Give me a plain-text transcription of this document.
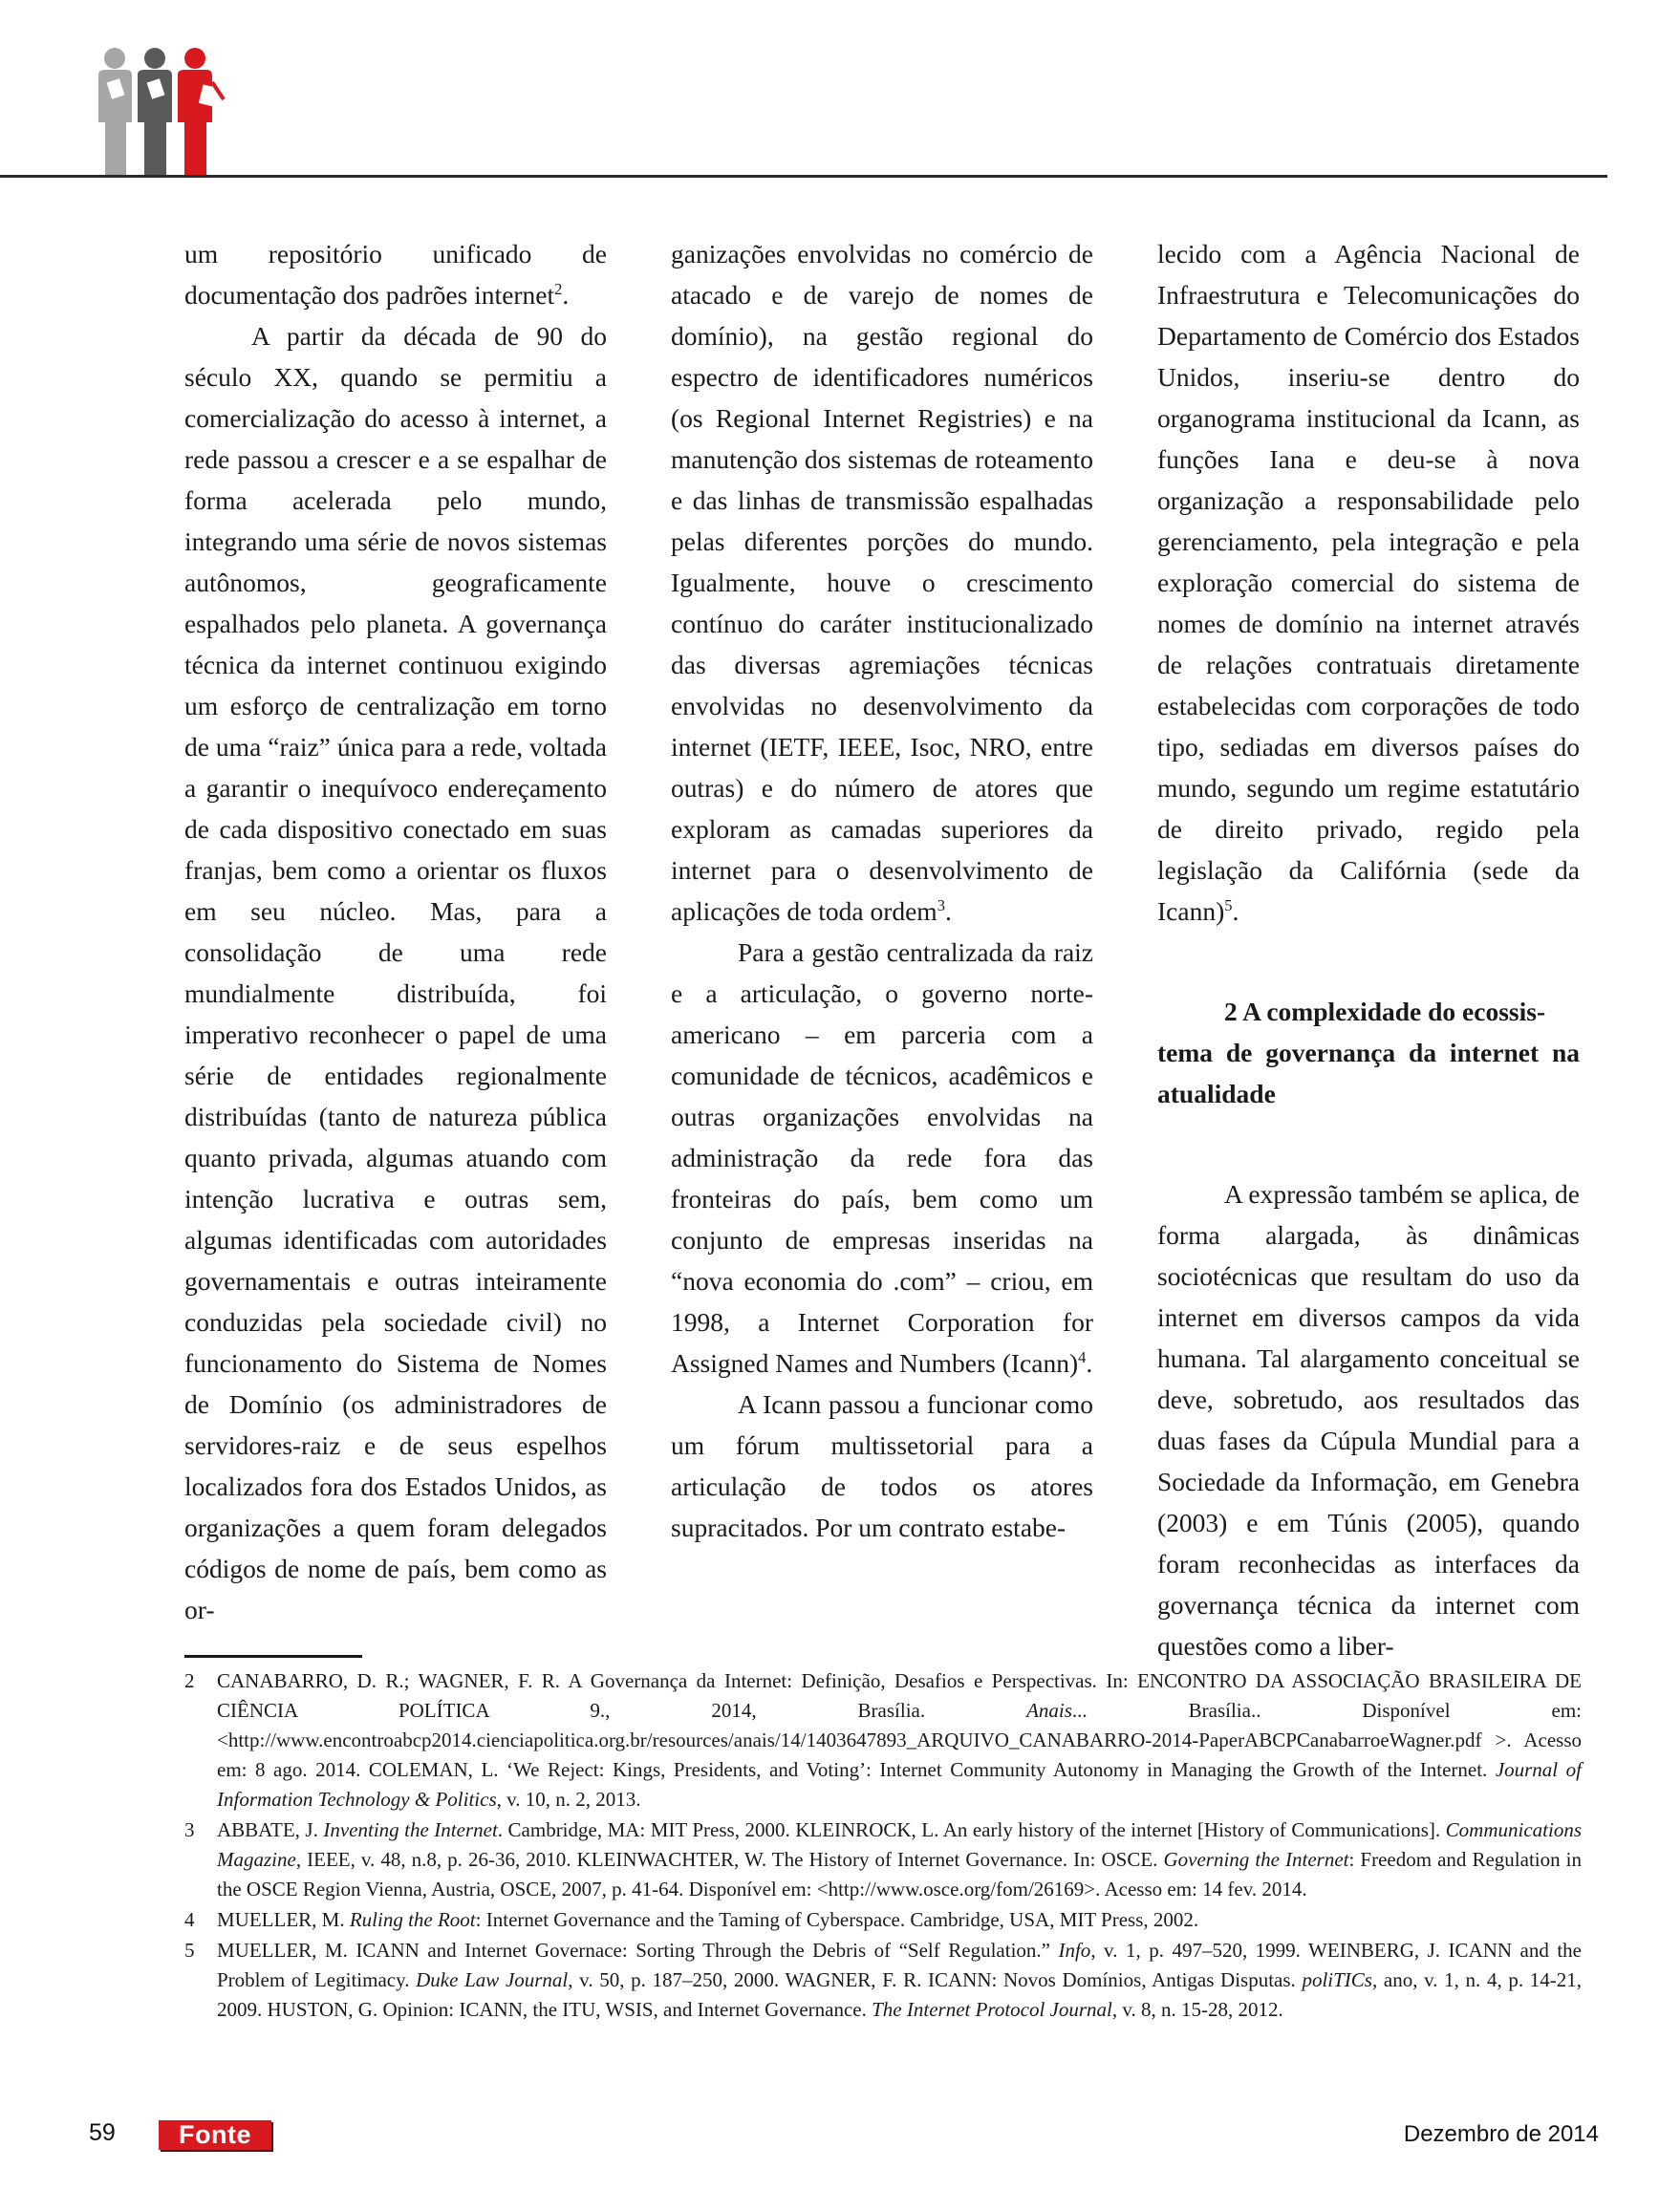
um repositório unificado de documentação dos padrões internet$^2$.

A partir da década de 90 do século XX, quando se permitiu a comercialização do acesso à internet, a rede passou a crescer e a se espalhar de forma acelerada pelo mundo, integrando uma série de novos sistemas autônomos, geograficamente espalhados pelo planeta. A governança técnica da internet continuou exigindo um esforço de centralização em torno de uma “raiz” única para a rede, voltada a garantir o inequívoco endereçamento de cada dispositivo conectado em suas franjas, bem como a orientar os fluxos em seu núcleo. Mas, para a consolidação de uma rede mundialmente distribuída, foi imperativo reconhecer o papel de uma série de entidades regionalmente distribuídas (tanto de natureza pública quanto privada, algumas atuando com intenção lucrativa e outras sem, algumas identificadas com autoridades governamentais e outras inteiramente conduzidas pela sociedade civil) no funcionamento do Sistema de Nomes de Domínio (os administradores de servidores-raiz e de seus espelhos localizados fora dos Estados Unidos, as organizações a quem foram delegados códigos de nome de país, bem como as or-

ganizações envolvidas no comércio de atacado e de varejo de nomes de domínio), na gestão regional do espectro de identificadores numéricos (os Regional Internet Registries) e na manutenção dos sistemas de roteamento e das linhas de transmissão espalhadas pelas diferentes porções do mundo. Igualmente, houve o crescimento contínuo do caráter institucionalizado das diversas agremiações técnicas envolvidas no desenvolvimento da internet (IETF, IEEE, Isoc, NRO, entre outras) e do número de atores que exploram as camadas superiores da internet para o desenvolvimento de aplicações de toda ordem$^3$.

Para a gestão centralizada da raiz e a articulação, o governo norte-americano – em parceria com a comunidade de técnicos, acadêmicos e outras organizações envolvidas na administração da rede fora das fronteiras do país, bem como um conjunto de empresas inseridas na “nova economia do .com” – criou, em 1998, a Internet Corporation for Assigned Names and Numbers (Icann)$^4$.

A Icann passou a funcionar como um fórum multissetorial para a articulação de todos os atores supracitados. Por um contrato estabe-

lecido com a Agência Nacional de Infraestrutura e Telecomunicações do Departamento de Comércio dos Estados Unidos, inseriu-se dentro do organograma institucional da Icann, as funções Iana e deu-se à nova organização a responsabilidade pelo gerenciamento, pela integração e pela exploração comercial do sistema de nomes de domínio na internet através de relações contratuais diretamente estabelecidas com corporações de todo tipo, sediadas em diversos países do mundo, segundo um regime estatutário de direito privado, regido pela legislação da Califórnia (sede da Icann)$^5$.

2 A complexidade do ecossis-
tema de governança da internet na atualidade

A expressão também se aplica, de forma alargada, às dinâmicas sociotécnicas que resultam do uso da internet em diversos campos da vida humana. Tal alargamento conceitual se deve, sobretudo, aos resultados das duas fases da Cúpula Mundial para a Sociedade da Informação, em Genebra (2003) e em Túnis (2005), quando foram reconhecidas as interfaces da governança técnica da internet com questões como a liber-

2 CANABARRO, D. R.; WAGNER, F. R. A Governança da Internet: Definição, Desafios e Perspectivas. In: ENCONTRO DA ASSOCIAÇÃO BRASILEIRA DE CIÊNCIA POLÍTICA 9., 2014, Brasília. Anais... Brasília.. Disponível em: <http://www.encontroabcp2014.cienciapolitica.org.br/resources/anais/14/1403647893_ARQUIVO_CANABARRO-2014-PaperABCPCanabarroeWagner.pdf >. Acesso em: 8 ago. 2014. COLEMAN, L. ‘We Reject: Kings, Presidents, and Voting’: Internet Community Autonomy in Managing the Growth of the Internet. Journal of Information Technology & Politics, v. 10, n. 2, 2013.

3 ABBATE, J. Inventing the Internet. Cambridge, MA: MIT Press, 2000. KLEINROCK, L. An early history of the internet [History of Communications]. Communications Magazine, IEEE, v. 48, n.8, p. 26-36, 2010. KLEINWACHTER, W. The History of Internet Governance. In: OSCE. Governing the Internet: Freedom and Regulation in the OSCE Region Vienna, Austria, OSCE, 2007, p. 41-64. Disponível em: <http://www.osce.org/fom/26169>. Acesso em: 14 fev. 2014.

4 MUELLER, M. Ruling the Root: Internet Governance and the Taming of Cyberspace. Cambridge, USA, MIT Press, 2002.

5 MUELLER, M. ICANN and Internet Governace: Sorting Through the Debris of “Self Regulation.” Info, v. 1, p. 497–520, 1999. WEINBERG, J. ICANN and the Problem of Legitimacy. Duke Law Journal, v. 50, p. 187–250, 2000. WAGNER, F. R. ICANN: Novos Domínios, Antigas Disputas. poliTICs, ano, v. 1, n. 4, p. 14-21, 2009. HUSTON, G. Opinion: ICANN, the ITU, WSIS, and Internet Governance. The Internet Protocol Journal, v. 8, n. 15-28, 2012.

59	Fonte	Dezembro de 2014
